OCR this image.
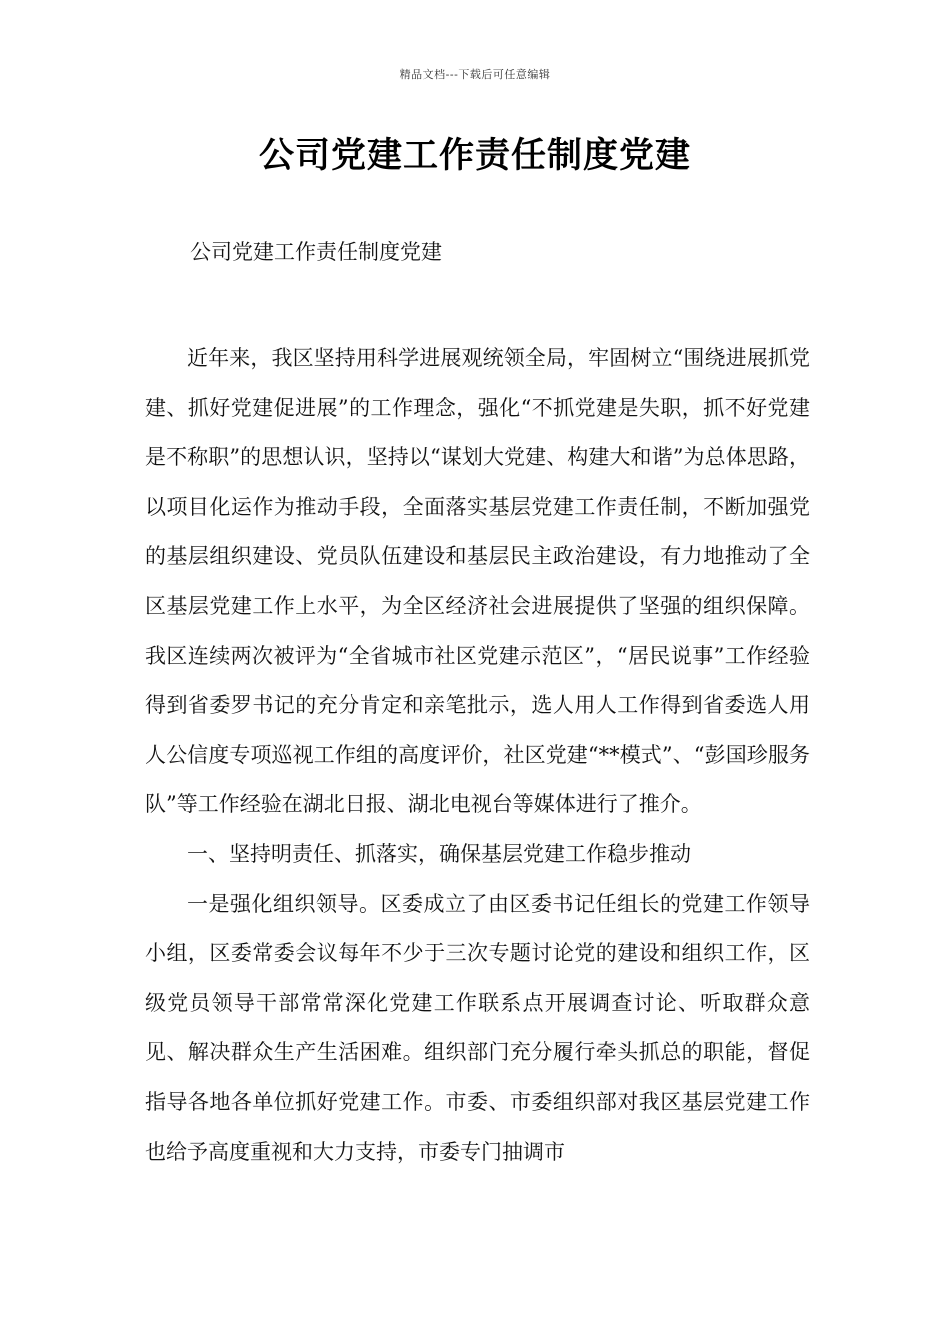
精品文档---下载后可任意编辑
公司党建工作责任制度党建
公司党建工作责任制度党建

近年来，我区坚持用科学进展观统领全局，牢固树立“围绕进展抓党建、抓好党建促进展”的工作理念，强化“不抓党建是失职，抓不好党建是不称职”的思想认识，坚持以“谋划大党建、构建大和谐”为总体思路，以项目化运作为推动手段，全面落实基层党建工作责任制，不断加强党的基层组织建设、党员队伍建设和基层民主政治建设，有力地推动了全区基层党建工作上水平，为全区经济社会进展提供了坚强的组织保障。我区连续两次被评为“全省城市社区党建示范区”，“居民说事”工作经验得到省委罗书记的充分肯定和亲笔批示，选人用人工作得到省委选人用人公信度专项巡视工作组的高度评价，社区党建“**模式”、“彭国珍服务队”等工作经验在湖北日报、湖北电视台等媒体进行了推介。

一、坚持明责任、抓落实，确保基层党建工作稳步推动

一是强化组织领导。区委成立了由区委书记任组长的党建工作领导小组，区委常委会议每年不少于三次专题讨论党的建设和组织工作，区级党员领导干部常常深化党建工作联系点开展调查讨论、听取群众意见、解决群众生产生活困难。组织部门充分履行牵头抓总的职能，督促指导各地各单位抓好党建工作。市委、市委组织部对我区基层党建工作也给予高度重视和大力支持，市委专门抽调市
